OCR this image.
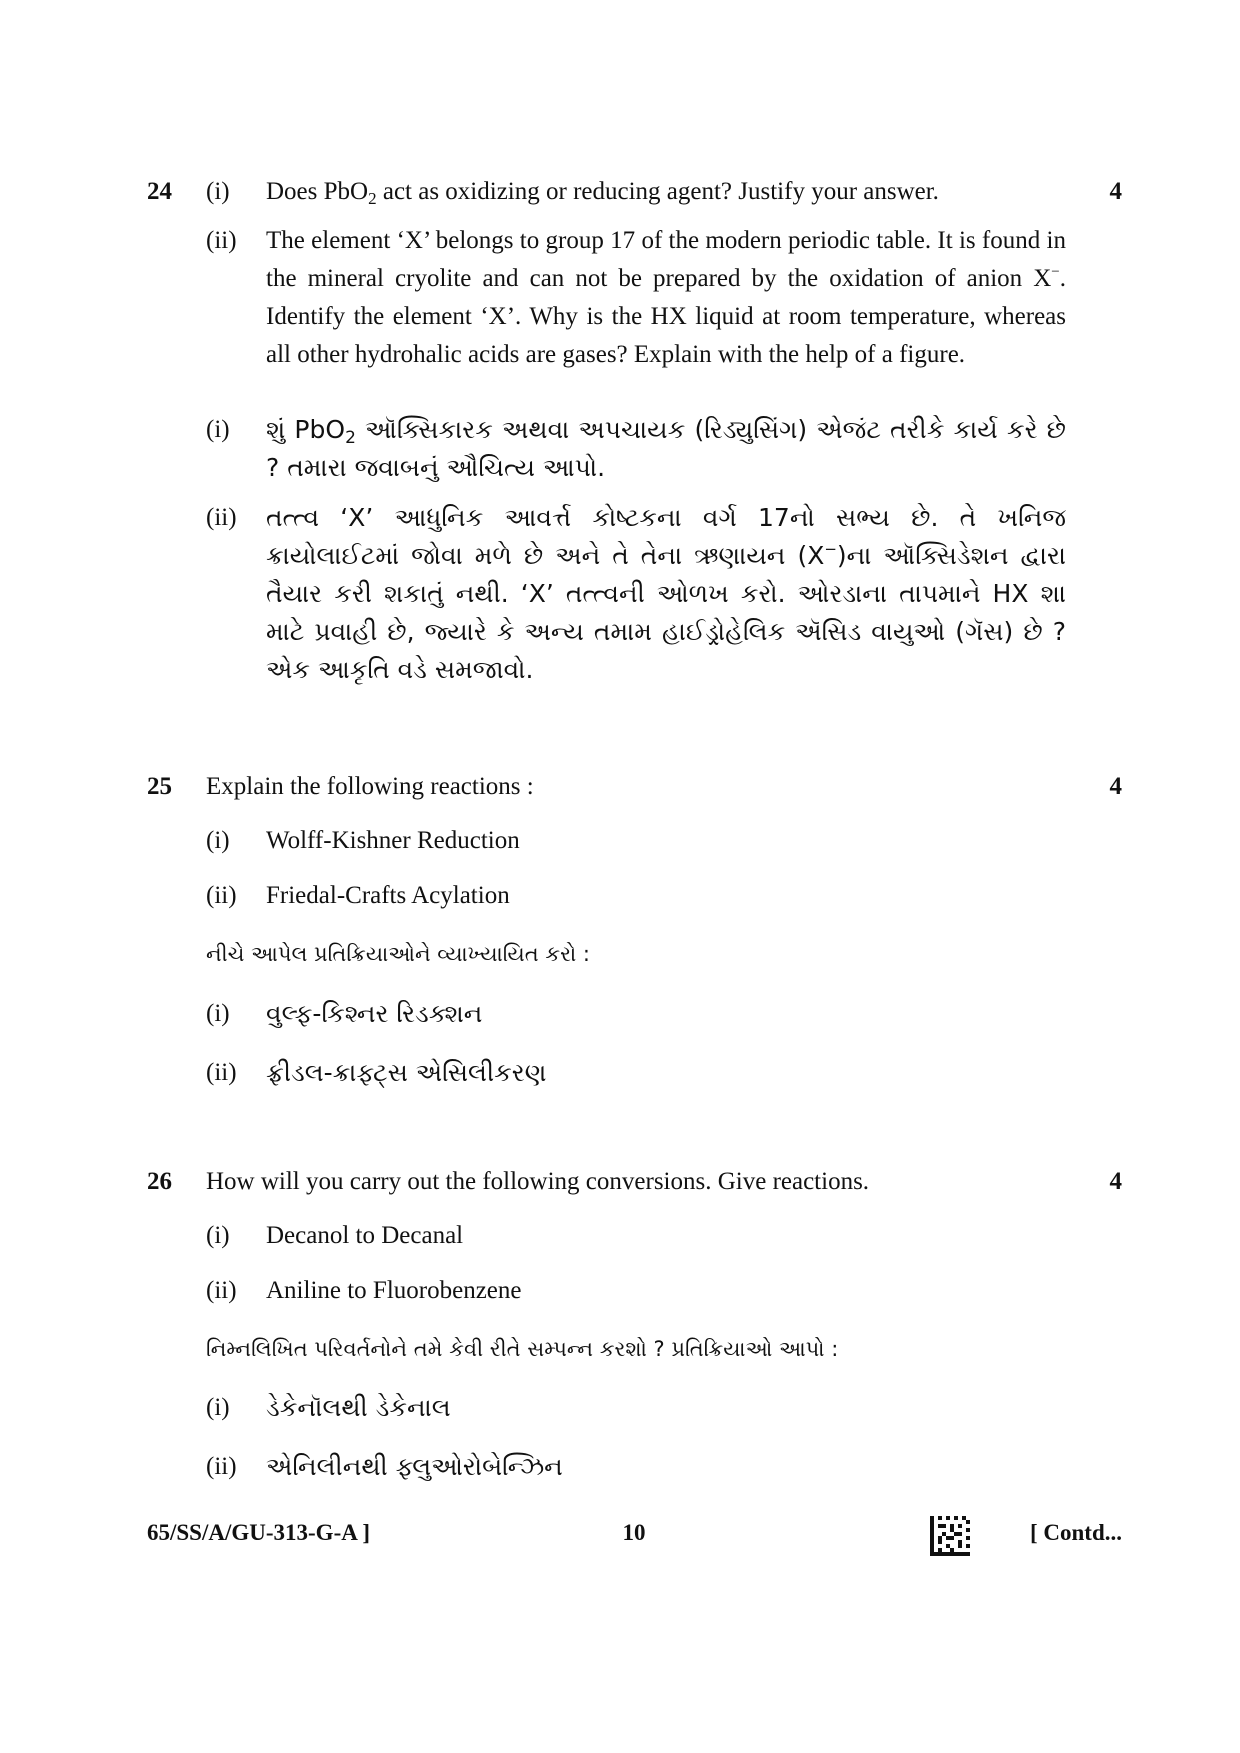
24	4
(i)	Does PbO$_2$ act as oxidizing or reducing agent? Justify your answer.
(ii)	The element ‘X’ belongs to group 17 of the modern periodic table. It is found in the mineral cryolite and can not be prepared by the oxidation of anion X−. Identify the element ‘X’. Why is the HX liquid at room temperature, whereas all other hydrohalic acids are gases? Explain with the help of a figure.
(i)	શું PbO$_2$ ઑક્સિકારક અથવા અપચાયક (રિડ્યુસિંગ) એજંટ તરીકે કાર્ય કરે છે ? તમારા જવાબનું ઔચિત્ય આપો.
(ii)	તત્ત્વ ‘X’ આધુનિક આવર્ત્ત કોષ્ટકના વર્ગ 17નો સભ્ય છે. તે ખનિજ ક્રાયોલાઈટમાં જોવા મળે છે અને તે તેના ઋણાયન (X−)ના ઑક્સિડેશન દ્વારા તૈયાર કરી શકાતું નથી. ‘X’ તત્ત્વની ઓળખ કરો. ઓરડાના તાપમાને HX શા માટે પ્રવાહી છે, જ્યારે કે અન્ય તમામ હાઈડ્રોહેલિક ઍસિડ વાયુઓ (ગૅસ) છે ? એક આકૃતિ વડે સમજાવો.
25	4
Explain the following reactions :
(i)	Wolff-Kishner Reduction
(ii)	Friedal-Crafts Acylation
નીચે આપેલ પ્રતિક્રિયાઓને વ્યાખ્યાયિત કરો :
(i)	વુલ્ફ-કિશ્નર રિડક્શન
(ii)	ફ્રીડલ-ક્રાફ્ટ્સ એસિલીકરણ
26	4
How will you carry out the following conversions. Give reactions.
(i)	Decanol to Decanal
(ii)	Aniline to Fluorobenzene
નિમ્નલિખિત પરિવર્તનોને તમે કેવી રીતે સમ્પન્ન કરશો ? પ્રતિક્રિયાઓ આપો :
(i)	ડેકેનૉલથી ડેકેનાલ
(ii)	એનિલીનથી ફ્લુઓરોબેન્ઝિન
65/SS/A/GU-313-G-A ]	10	[ Contd...
